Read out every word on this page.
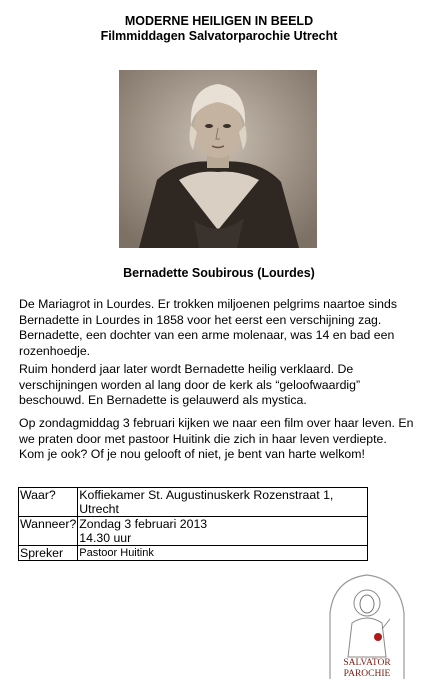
MODERNE HEILIGEN IN BEELD
Filmmiddagen Salvatorparochie Utrecht
Bernadette Soubirous (Lourdes)

De Mariagrot in Lourdes. Er trokken miljoenen pelgrims naartoe sinds Bernadette in Lourdes in 1858 voor het eerst een verschijning zag. Bernadette, een dochter van een arme molenaar, was 14 en bad een rozenhoedje.

Ruim honderd jaar later wordt Bernadette heilig verklaard. De verschijningen worden al lang door de kerk als “geloofwaardig” beschouwd. En Bernadette is gelauwerd als mystica.

Op zondagmiddag 3 februari kijken we naar een film over haar leven. En we praten door met pastoor Huitink die zich in haar leven verdiepte.
Kom je ook? Of je nou gelooft of niet, je bent van harte welkom!
Waar?	Koffiekamer St. Augustinuskerk Rozenstraat 1, Utrecht
Wanneer?	Zondag 3 februari 2013
14.30 uur

Spreker	Pastoor Huitink
SALVATOR
PAROCHIE
